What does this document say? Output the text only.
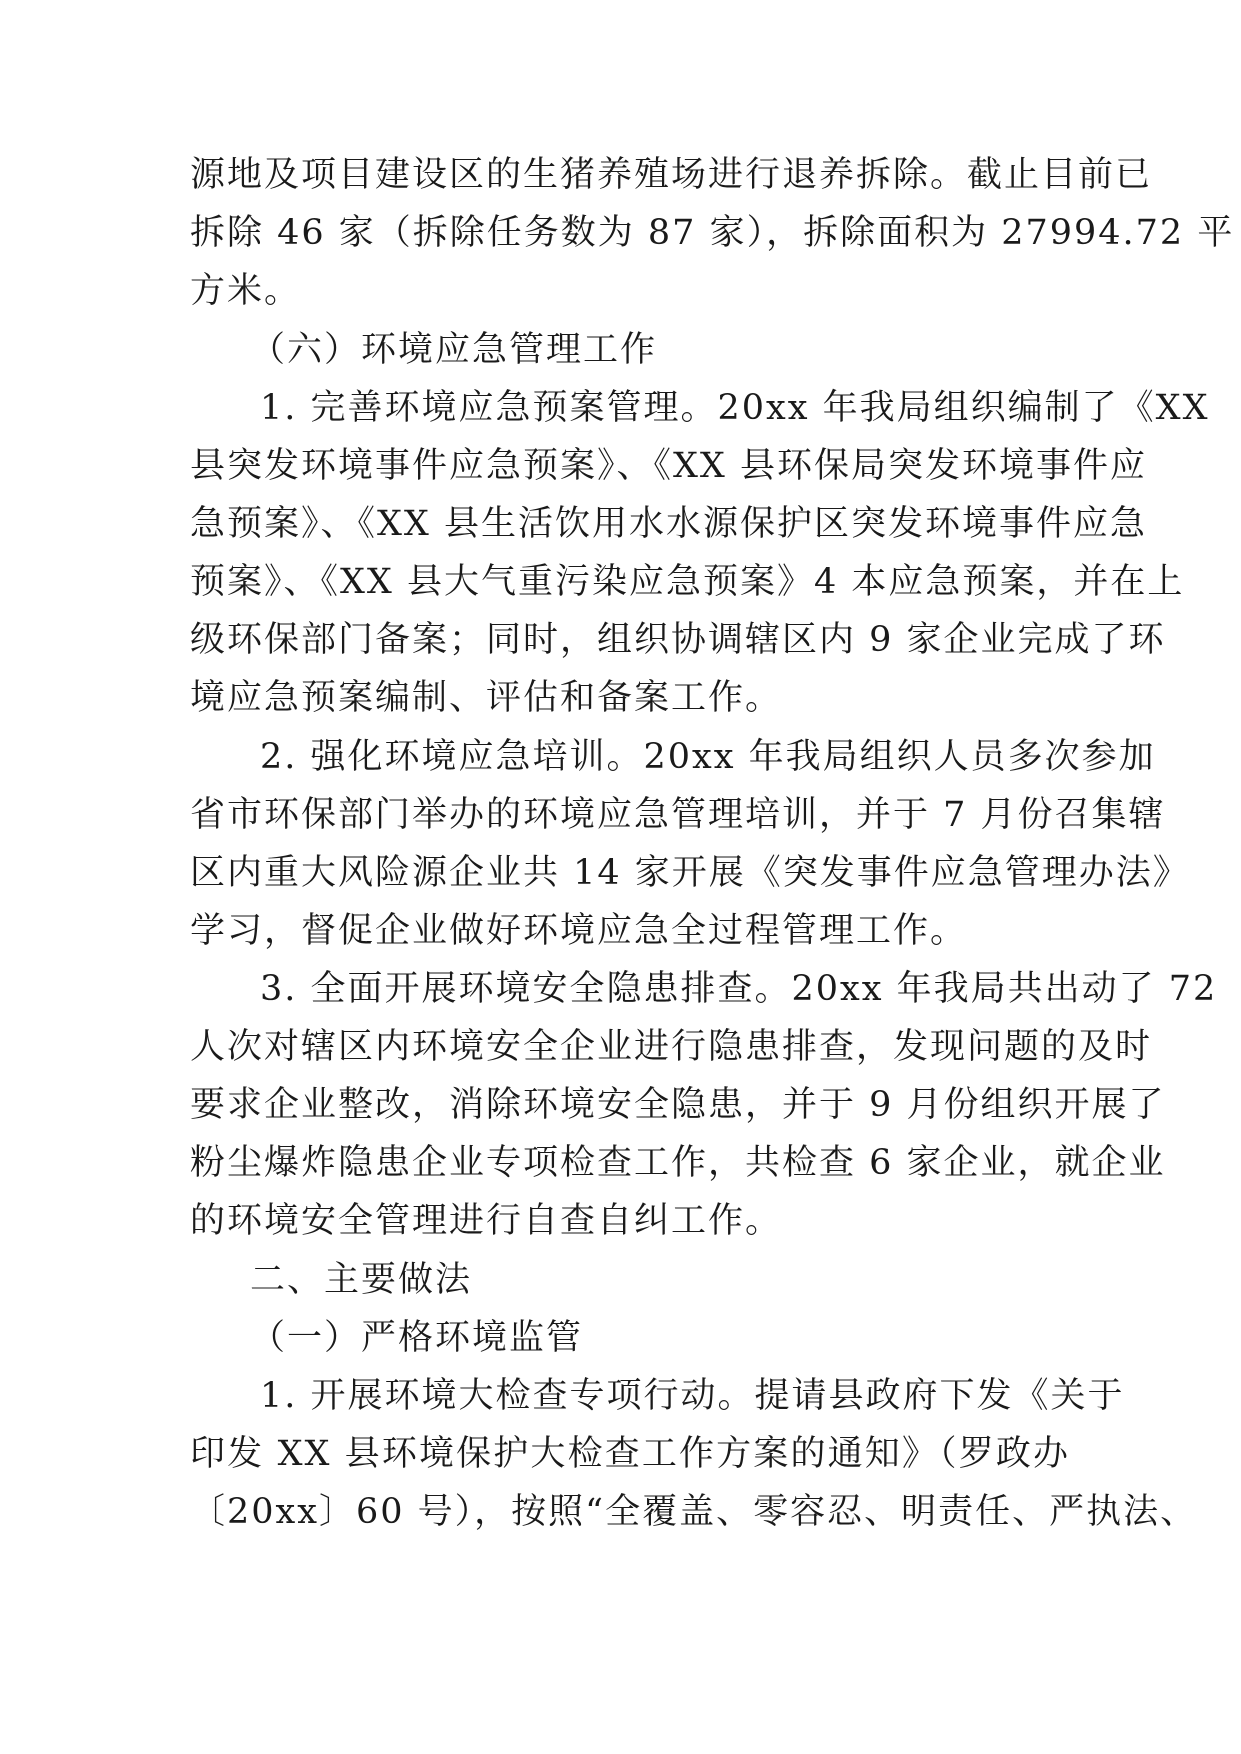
源地及项目建设区的生猪养殖场进行退养拆除。截止目前已
拆除 46 家（拆除任务数为 87 家），拆除面积为 27994.72 平
方米。
（六）环境应急管理工作
1. 完善环境应急预案管理。20xx 年我局组织编制了《XX
县突发环境事件应急预案》、《XX 县环保局突发环境事件应
急预案》、《XX 县生活饮用水水源保护区突发环境事件应急
预案》、《XX 县大气重污染应急预案》4 本应急预案，并在上
级环保部门备案；同时，组织协调辖区内 9 家企业完成了环
境应急预案编制、评估和备案工作。
2. 强化环境应急培训。20xx 年我局组织人员多次参加
省市环保部门举办的环境应急管理培训，并于 7 月份召集辖
区内重大风险源企业共 14 家开展《突发事件应急管理办法》
学习，督促企业做好环境应急全过程管理工作。
3. 全面开展环境安全隐患排查。20xx 年我局共出动了 72
人次对辖区内环境安全企业进行隐患排查，发现问题的及时
要求企业整改，消除环境安全隐患，并于 9 月份组织开展了
粉尘爆炸隐患企业专项检查工作，共检查 6 家企业，就企业
的环境安全管理进行自查自纠工作。
二、主要做法
（一）严格环境监管
1. 开展环境大检查专项行动。提请县政府下发《关于
印发 XX 县环境保护大检查工作方案的通知》（罗政办
〔20xx〕60 号），按照“全覆盖、零容忍、明责任、严执法、
